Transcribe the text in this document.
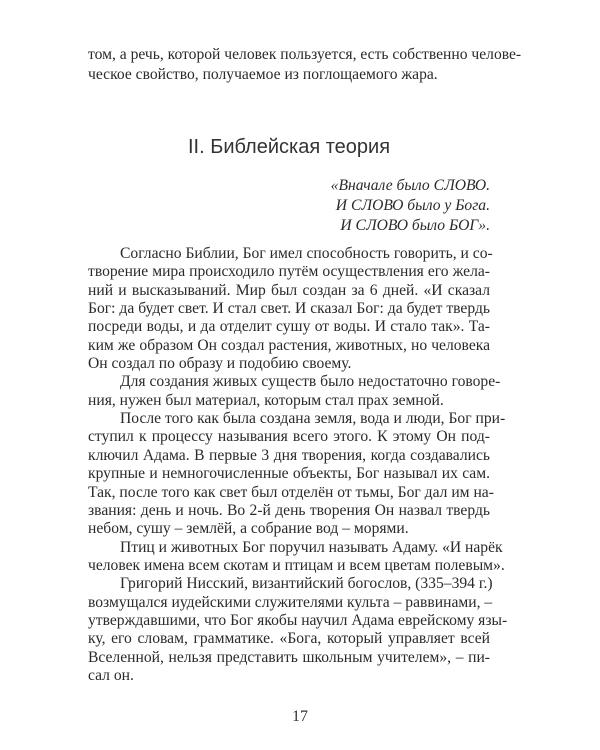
том, а речь, которой человек пользуется, есть собственно челове-
ческое свойство, получаемое из поглощаемого жара.
II. Библейская теория
«Вначале было СЛОВО.
И СЛОВО было у Бога.
И СЛОВО было БОГ».
Согласно Библии, Бог имел способность говорить, и со-
творение мира происходило путём осуществления его жела-
ний и высказываний. Мир был создан за 6 дней. «И сказал
Бог: да будет свет. И стал свет. И сказал Бог: да будет твердь
посреди воды, и да отделит сушу от воды. И стало так». Та-
ким же образом Он создал растения, животных, но человека
Он создал по образу и подобию своему.
Для создания живых существ было недостаточно говоре-
ния, нужен был материал, которым стал прах земной.
После того как была создана земля, вода и люди, Бог при-
ступил к процессу называния всего этого. К этому Он под-
ключил Адама. В первые 3 дня творения, когда создавались
крупные и немногочисленные объекты, Бог называл их сам.
Так, после того как свет был отделён от тьмы, Бог дал им на-
звания: день и ночь. Во 2-й день творения Он назвал твердь
небом, сушу – землёй, а собрание вод – морями.
Птиц и животных Бог поручил называть Адаму. «И нарёк
человек имена всем скотам и птицам и всем цветам полевым».
Григорий Нисский, византийский богослов, (335–394 г.)
возмущался иудейскими служителями культа – раввинами, –
утверждавшими, что Бог якобы научил Адама еврейскому язы-
ку, его словам, грамматике. «Бога, который управляет всей
Вселенной, нельзя представить школьным учителем», – пи-
сал он.
17
